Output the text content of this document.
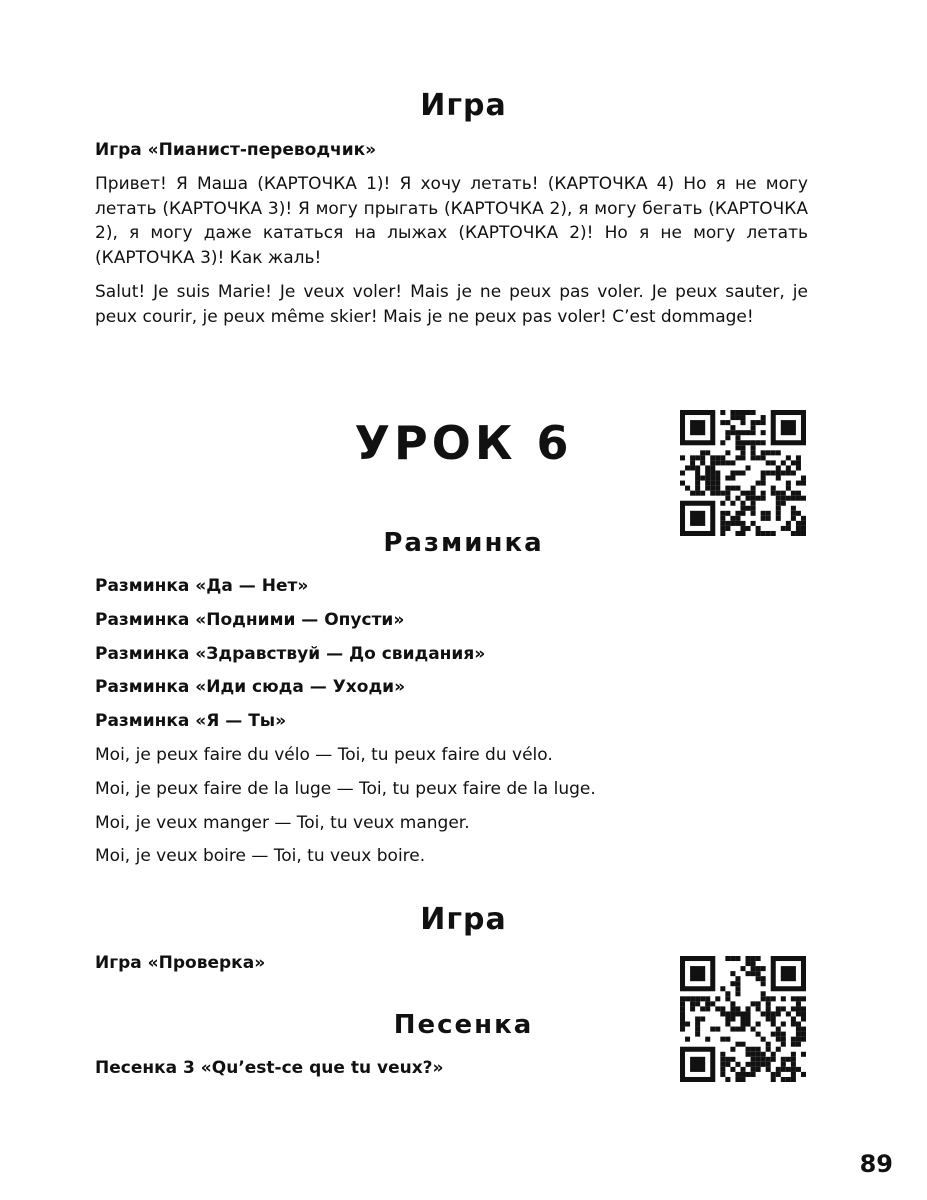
Игра

Игра «Пианист-переводчик»

Привет! Я Маша (КАРТОЧКА 1)! Я хочу летать! (КАРТОЧКА 4) Но я не могу летать (КАРТОЧКА 3)! Я могу прыгать (КАРТОЧКА 2), я могу бегать (КАРТОЧКА 2), я могу даже кататься на лыжах (КАРТОЧКА 2)! Но я не могу летать (КАРТОЧКА 3)! Как жаль!

Salut! Je suis Marie! Je veux voler! Mais je ne peux pas voler. Je peux sauter, je peux courir, je peux même skier! Mais je ne peux pas voler! C’est dommage!

УРОК 6
Разминка

Разминка «Да — Нет»

Разминка «Подними — Опусти»

Разминка «Здравствуй — До свидания»

Разминка «Иди сюда — Уходи»

Разминка «Я — Ты»

Moi, je peux faire du vélo — Toi, tu peux faire du vélo.

Moi, je peux faire de la luge — Toi, tu peux faire de la luge.

Moi, je veux manger — Toi, tu veux manger.

Moi, je veux boire — Toi, tu veux boire.

Игра

Игра «Проверка»

Песенка

Песенка 3 «Qu’est-ce que tu veux?»

89
